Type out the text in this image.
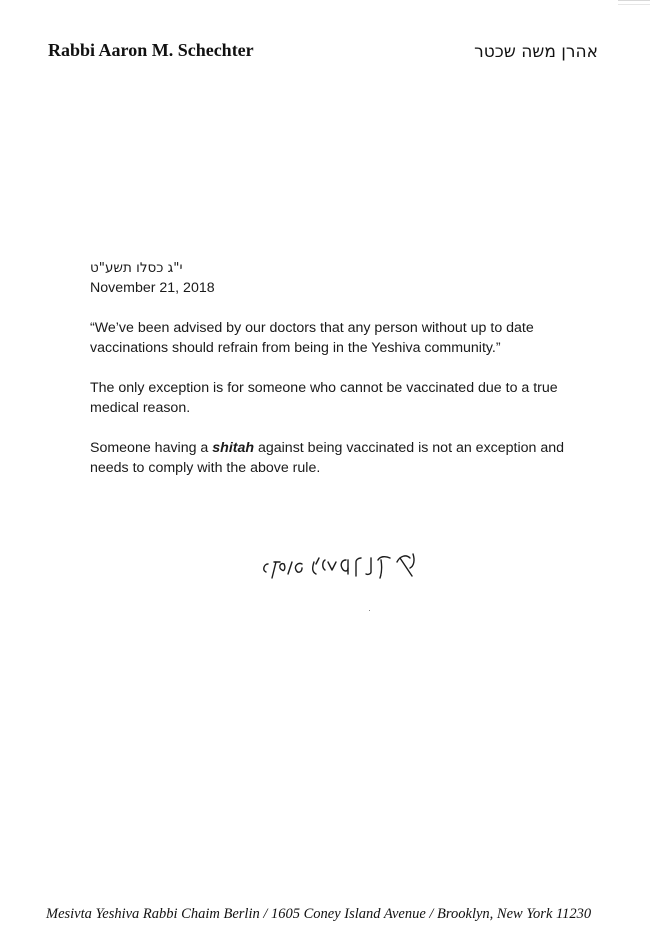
Rabbi Aaron M. Schechter	אהרן משה שכטר
י"ג כסלו תשע"ט
November 21, 2018

“We’ve been advised by our doctors that any person without up to date vaccinations should refrain from being in the Yeshiva community.”

The only exception is for someone who cannot be vaccinated due to a true medical reason.

Someone having a shitah against being vaccinated is not an exception and needs to comply with the above rule.

Mesivta Yeshiva Rabbi Chaim Berlin / 1605 Coney Island Avenue / Brooklyn, New York 11230
